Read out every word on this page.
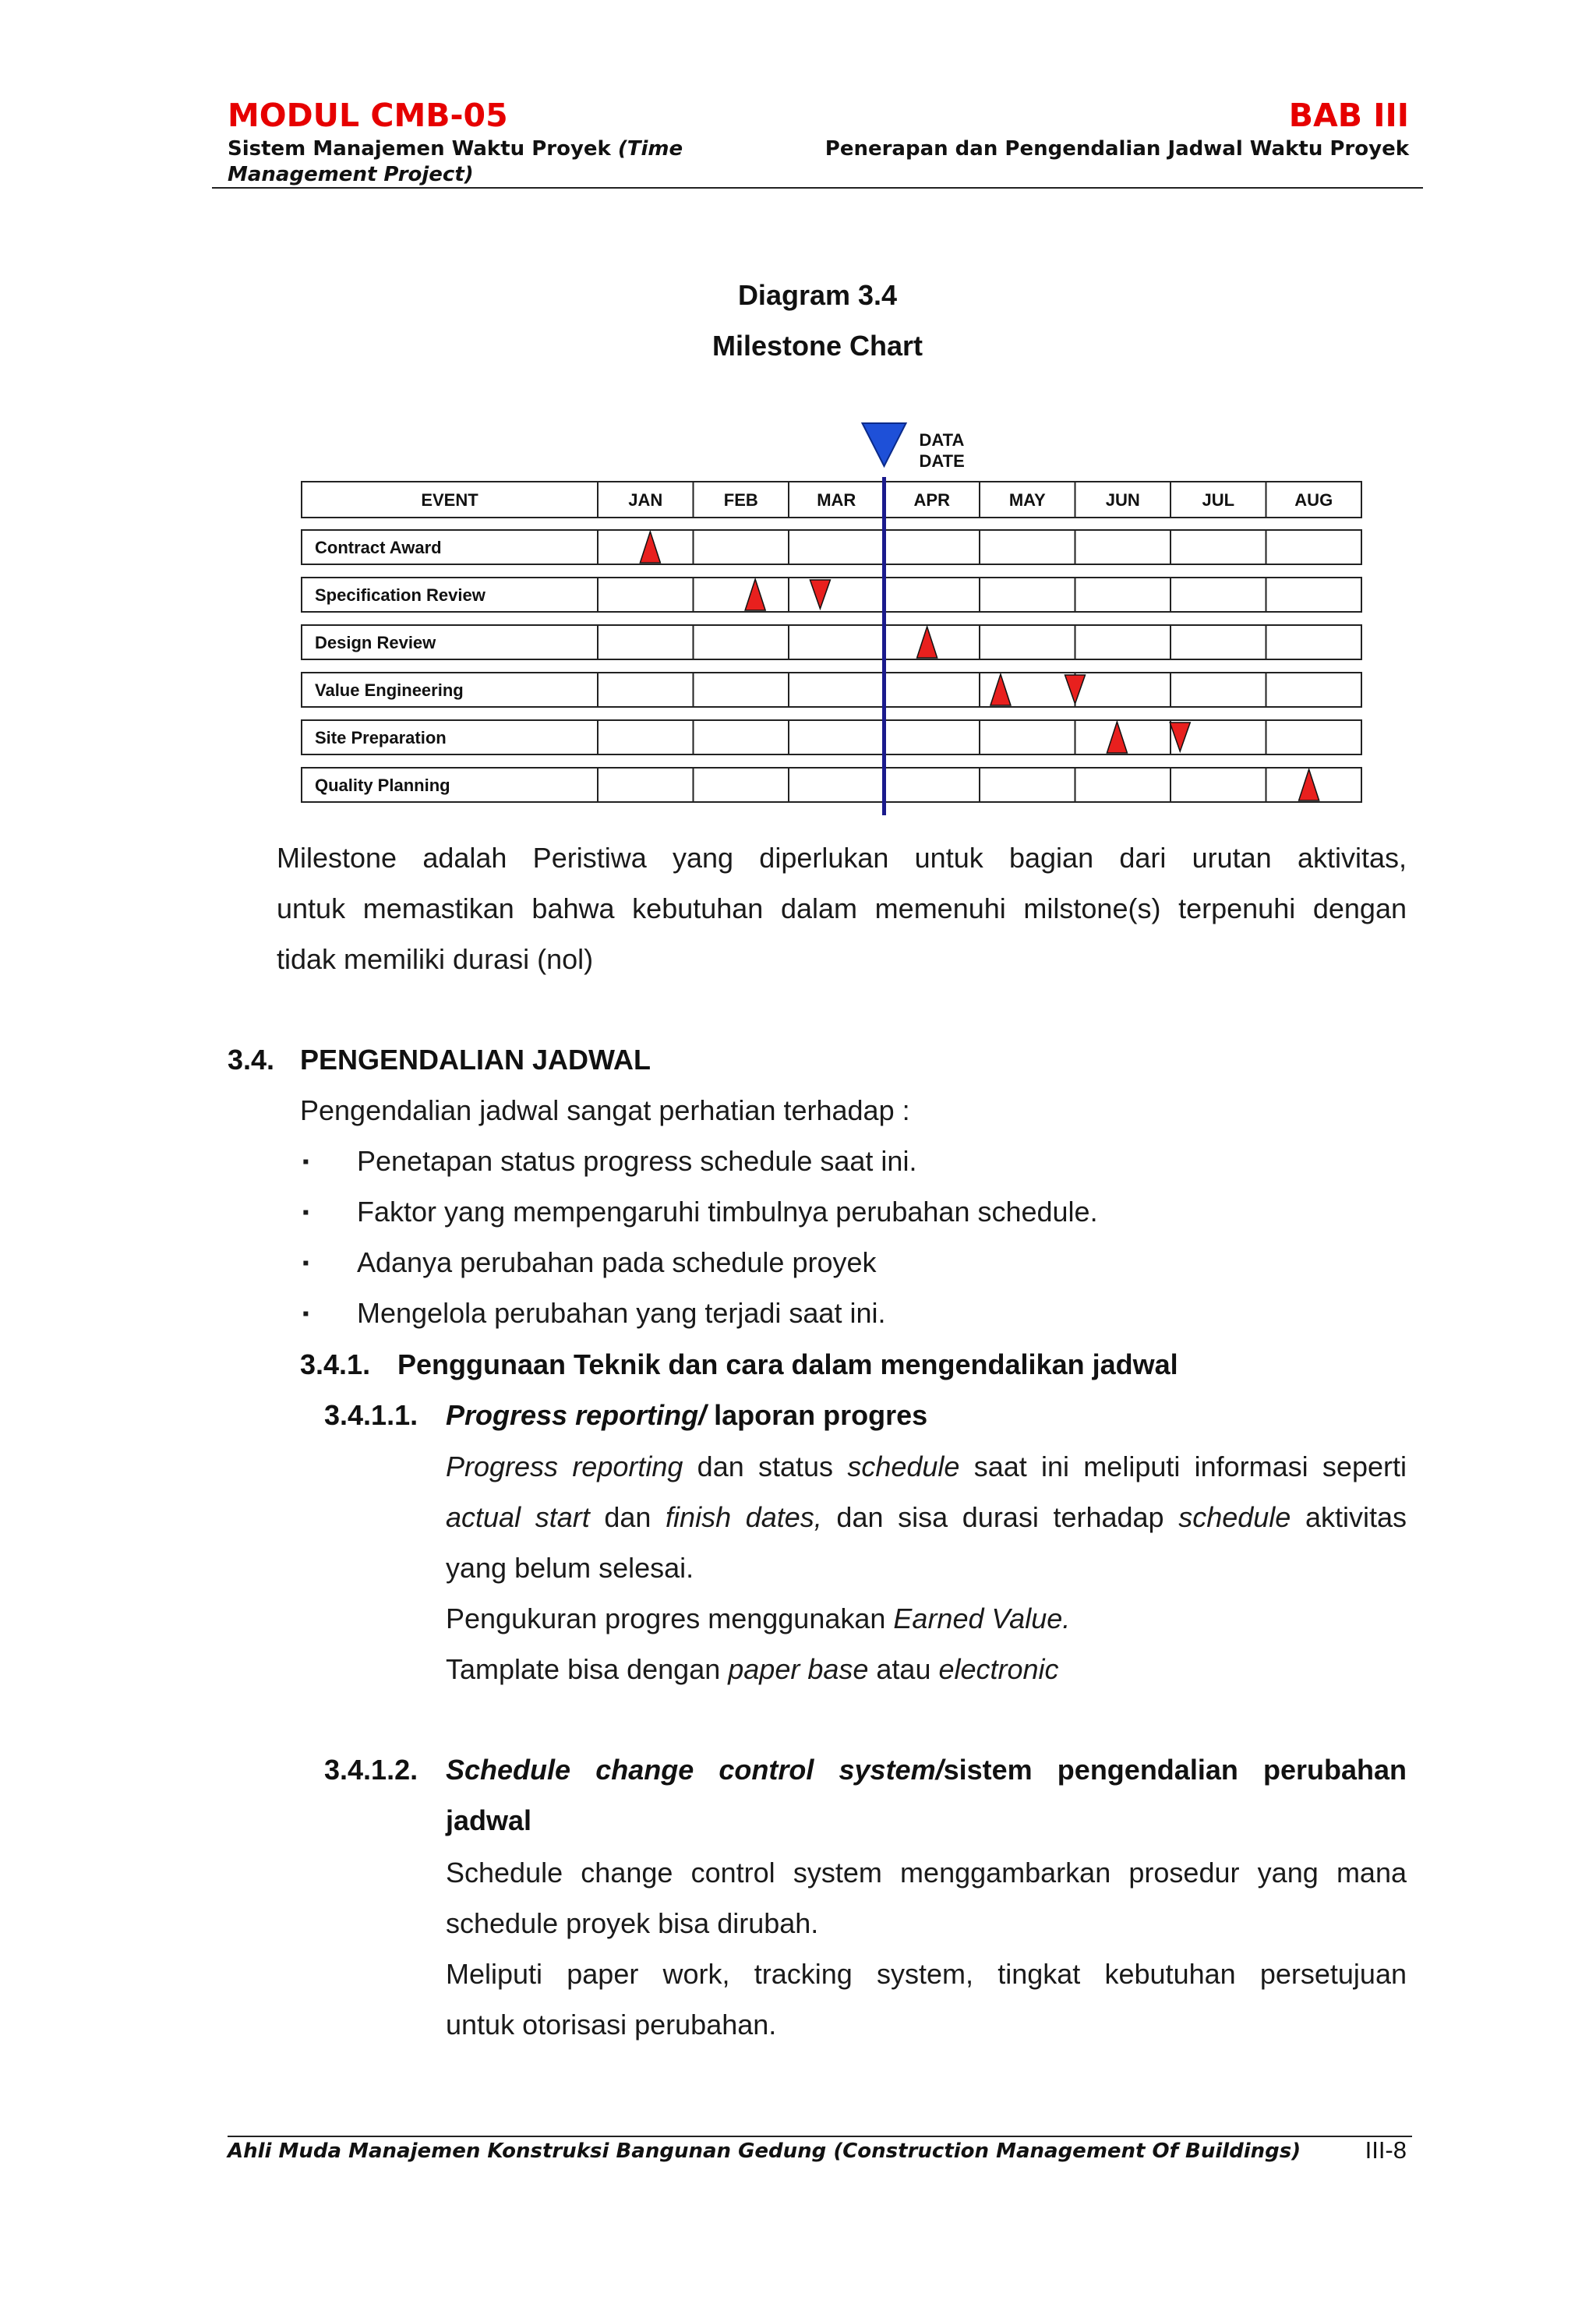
MODUL CMB-05
Sistem Manajemen Waktu Proyek (Time
Management Project)
BAB III
Penerapan dan Pengendalian Jadwal Waktu Proyek
Diagram 3.4
Milestone Chart
EVENT	JAN	FEB	MAR	APR	MAY	JUN	JUL	AUG
Contract Award
Specification Review
Design Review
Value Engineering
Site Preparation
Quality Planning
DATA
DATE
Milestone adalah Peristiwa yang diperlukan untuk bagian dari urutan aktivitas,
untuk memastikan bahwa kebutuhan dalam memenuhi milstone(s) terpenuhi dengan
tidak memiliki durasi (nol)
3.4. PENGENDALIAN JADWAL
Pengendalian jadwal sangat perhatian terhadap :
▪ Penetapan status progress schedule saat ini.
▪ Faktor yang mempengaruhi timbulnya perubahan schedule.
▪ Adanya perubahan pada schedule proyek
▪ Mengelola perubahan yang terjadi saat ini.
3.4.1. Penggunaan Teknik dan cara dalam mengendalikan jadwal
3.4.1.1. Progress reporting/ laporan progres
Progress reporting dan status schedule saat ini meliputi informasi seperti
actual start dan finish dates, dan sisa durasi terhadap schedule aktivitas
yang belum selesai.
Pengukuran progres menggunakan Earned Value.
Tamplate bisa dengan paper base atau electronic
3.4.1.2. Schedule change control system/sistem pengendalian perubahan
jadwal
Schedule change control system menggambarkan prosedur yang mana
schedule proyek bisa dirubah.
Meliputi paper work, tracking system, tingkat kebutuhan persetujuan
untuk otorisasi perubahan.
Ahli Muda Manajemen Konstruksi Bangunan Gedung (Construction Management Of Buildings)	III-8
